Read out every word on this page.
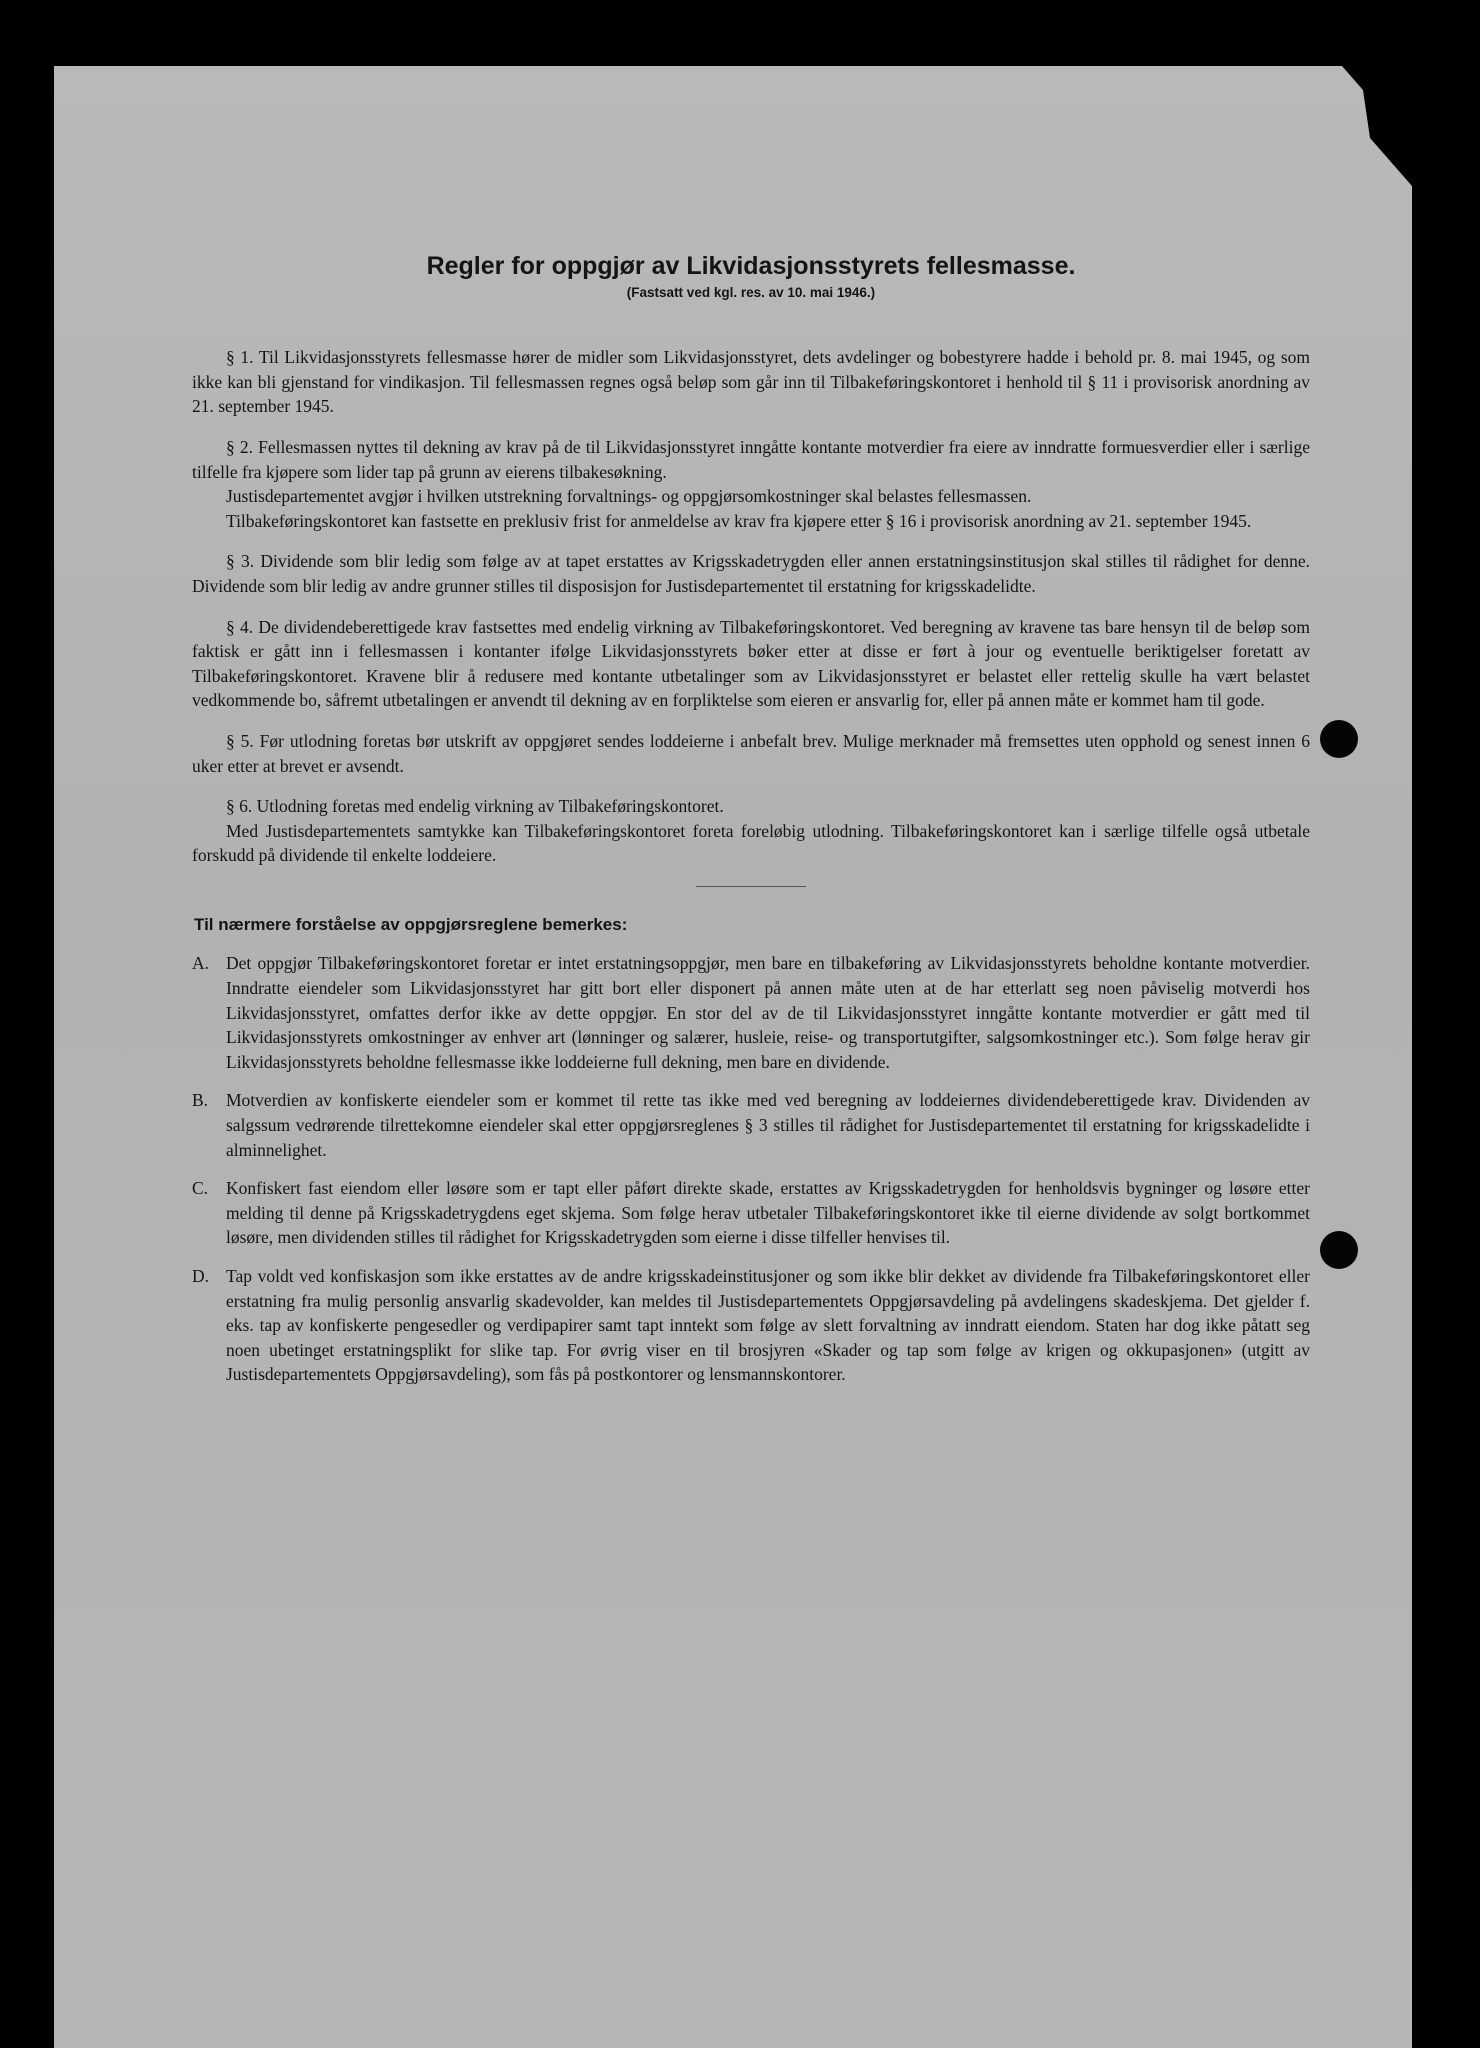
Regler for oppgjør av Likvidasjonsstyrets fellesmasse.
(Fastsatt ved kgl. res. av 10. mai 1946.)

§ 1. Til Likvidasjonsstyrets fellesmasse hører de midler som Likvidasjonsstyret, dets avdelinger og bobestyrere hadde i behold pr. 8. mai 1945, og som ikke kan bli gjenstand for vindikasjon. Til fellesmassen regnes også beløp som går inn til Tilbakeføringskontoret i henhold til § 11 i provisorisk anordning av 21. september 1945.

§ 2. Fellesmassen nyttes til dekning av krav på de til Likvidasjonsstyret inngåtte kontante motverdier fra eiere av inndratte formuesverdier eller i særlige tilfelle fra kjøpere som lider tap på grunn av eierens tilbakesøkning.

Justisdepartementet avgjør i hvilken utstrekning forvaltnings- og oppgjørsomkostninger skal belastes fellesmassen.

Tilbakeføringskontoret kan fastsette en preklusiv frist for anmeldelse av krav fra kjøpere etter § 16 i provisorisk anordning av 21. september 1945.

§ 3. Dividende som blir ledig som følge av at tapet erstattes av Krigsskadetrygden eller annen erstatningsinstitusjon skal stilles til rådighet for denne. Dividende som blir ledig av andre grunner stilles til disposisjon for Justisdepartementet til erstatning for krigsskadelidte.

§ 4. De dividendeberettigede krav fastsettes med endelig virkning av Tilbakeføringskontoret. Ved beregning av kravene tas bare hensyn til de beløp som faktisk er gått inn i fellesmassen i kontanter ifølge Likvidasjonsstyrets bøker etter at disse er ført à jour og eventuelle beriktigelser foretatt av Tilbakeføringskontoret. Kravene blir å redusere med kontante utbetalinger som av Likvidasjonsstyret er belastet eller rettelig skulle ha vært belastet vedkommende bo, såfremt utbetalingen er anvendt til dekning av en forpliktelse som eieren er ansvarlig for, eller på annen måte er kommet ham til gode.

§ 5. Før utlodning foretas bør utskrift av oppgjøret sendes loddeierne i anbefalt brev. Mulige merknader må fremsettes uten opphold og senest innen 6 uker etter at brevet er avsendt.

§ 6. Utlodning foretas med endelig virkning av Tilbakeføringskontoret.

Med Justisdepartementets samtykke kan Tilbakeføringskontoret foreta foreløbig utlodning. Tilbakeføringskontoret kan i særlige tilfelle også utbetale forskudd på dividende til enkelte loddeiere.

Til nærmere forståelse av oppgjørsreglene bemerkes:
A. Det oppgjør Tilbakeføringskontoret foretar er intet erstatningsoppgjør, men bare en tilbakeføring av Likvidasjonsstyrets beholdne kontante motverdier. Inndratte eiendeler som Likvidasjonsstyret har gitt bort eller disponert på annen måte uten at de har etterlatt seg noen påviselig motverdi hos Likvidasjonsstyret, omfattes derfor ikke av dette oppgjør. En stor del av de til Likvidasjonsstyret inngåtte kontante motverdier er gått med til Likvidasjonsstyrets omkostninger av enhver art (lønninger og salærer, husleie, reise- og transportutgifter, salgsomkostninger etc.). Som følge herav gir Likvidasjonsstyrets beholdne fellesmasse ikke loddeierne full dekning, men bare en dividende.
B.	Motverdien av konfiskerte eiendeler som er kommet til rette tas ikke med ved beregning av loddeiernes dividendeberettigede krav. Dividenden av salgssum vedrørende tilrettekomne eiendeler skal etter oppgjørsreglenes § 3 stilles til rådighet for Justisdepartementet til erstatning for krigsskadelidte i alminnelighet.
C.	Konfiskert fast eiendom eller løsøre som er tapt eller påført direkte skade, erstattes av Krigsskadetrygden for henholdsvis bygninger og løsøre etter melding til denne på Krigsskadetrygdens eget skjema. Som følge herav utbetaler Tilbakeføringskontoret ikke til eierne dividende av solgt bortkommet løsøre, men dividenden stilles til rådighet for Krigsskadetrygden som eierne i disse tilfeller henvises til.
D. Tap voldt ved konfiskasjon som ikke erstattes av de andre krigsskadeinstitusjoner og som ikke blir dekket av dividende fra Tilbakeføringskontoret eller erstatning fra mulig personlig ansvarlig skadevolder, kan meldes til Justisdepartementets Oppgjørsavdeling på avdelingens skadeskjema. Det gjelder f. eks. tap av konfiskerte pengesedler og verdipapirer samt tapt inntekt som følge av slett forvaltning av inndratt eiendom. Staten har dog ikke påtatt seg noen ubetinget erstatningsplikt for slike tap. For øvrig viser en til brosjyren «Skader og tap som følge av krigen og okkupasjonen» (utgitt av Justisdepartementets Oppgjørsavdeling), som fås på postkontorer og lensmannskontorer.
